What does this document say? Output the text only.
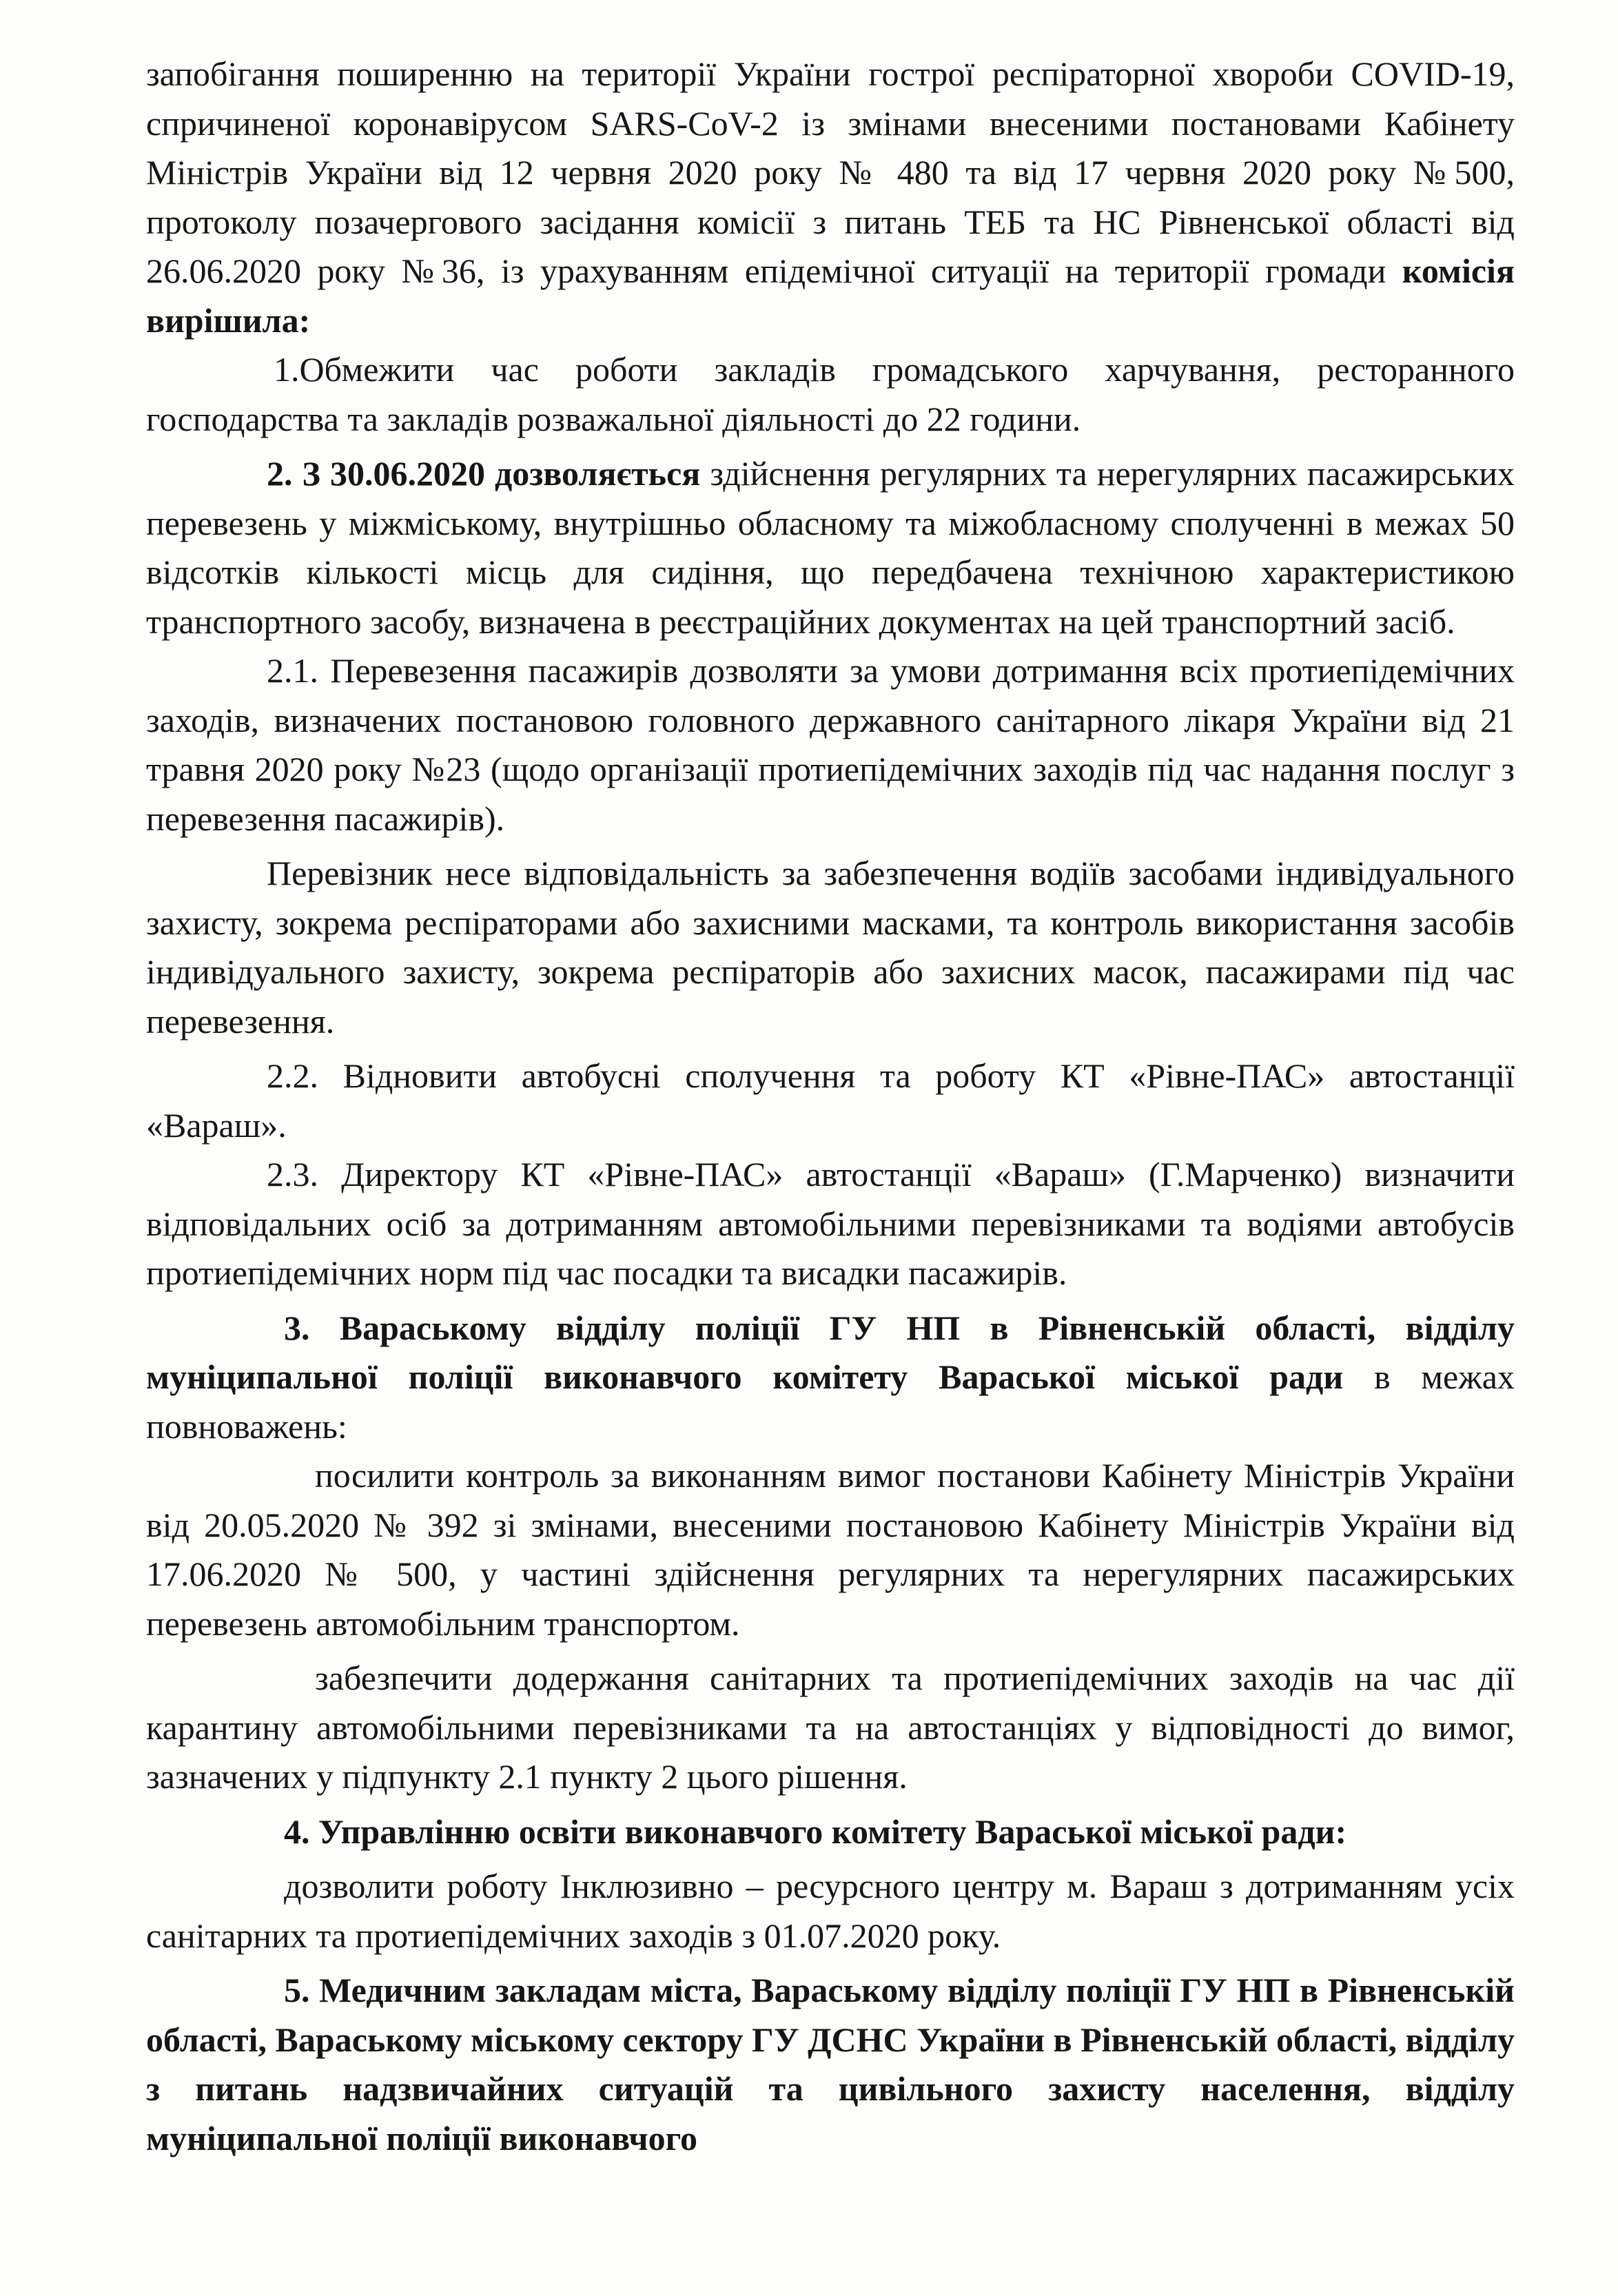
запобігання поширенню на території України гострої респіраторної хвороби COVID-19, спричиненої коронавірусом SARS-CoV-2 із змінами внесеними постановами Кабінету Міністрів України від 12 червня 2020 року № 480 та від 17 червня 2020 року №500, протоколу позачергового засідання комісії з питань ТЕБ та НС Рівненської області від 26.06.2020 року №36, із урахуванням епідемічної ситуації на території громади комісія вирішила:

1.Обмежити час роботи закладів громадського харчування, ресторанного господарства та закладів розважальної діяльності до 22 години.

2. З 30.06.2020 дозволяється здійснення регулярних та нерегулярних пасажирських перевезень у міжміському, внутрішньо обласному та міжобласному сполученні в межах 50 відсотків кількості місць для сидіння, що передбачена технічною характеристикою транспортного засобу, визначена в реєстраційних документах на цей транспортний засіб.

2.1. Перевезення пасажирів дозволяти за умови дотримання всіх протиепідемічних заходів, визначених постановою головного державного санітарного лікаря України від 21 травня 2020 року №23 (щодо організації протиепідемічних заходів під час надання послуг з перевезення пасажирів).

Перевізник несе відповідальність за забезпечення водіїв засобами індивідуального захисту, зокрема респіраторами або захисними масками, та контроль використання засобів індивідуального захисту, зокрема респіраторів або захисних масок, пасажирами під час перевезення.

2.2. Відновити автобусні сполучення та роботу КТ «Рівне-ПАС» автостанції «Вараш».

2.3. Директору КТ «Рівне-ПАС» автостанції «Вараш» (Г.Марченко) визначити відповідальних осіб за дотриманням автомобільними перевізниками та водіями автобусів протиепідемічних норм під час посадки та висадки пасажирів.

3. Вараському відділу поліції ГУ НП в Рівненській області, відділу муніципальної поліції виконавчого комітету Вараської міської ради в межах повноважень:

посилити контроль за виконанням вимог постанови Кабінету Міністрів України від 20.05.2020 № 392 зі змінами, внесеними постановою Кабінету Міністрів України від 17.06.2020 № 500, у частині здійснення регулярних та нерегулярних пасажирських перевезень автомобільним транспортом.

забезпечити додержання санітарних та протиепідемічних заходів на час дії карантину автомобільними перевізниками та на автостанціях у відповідності до вимог, зазначених у підпункту 2.1 пункту 2 цього рішення.

4. Управлінню освіти виконавчого комітету Вараської міської ради:

дозволити роботу Інклюзивно – ресурсного центру м. Вараш з дотриманням усіх санітарних та протиепідемічних заходів з 01.07.2020 року.

5. Медичним закладам міста, Вараському відділу поліції ГУ НП в Рівненській області, Вараському міському сектору ГУ ДСНС України в Рівненській області, відділу з питань надзвичайних ситуацій та цивільного захисту населення, відділу муніципальної поліції виконавчого
